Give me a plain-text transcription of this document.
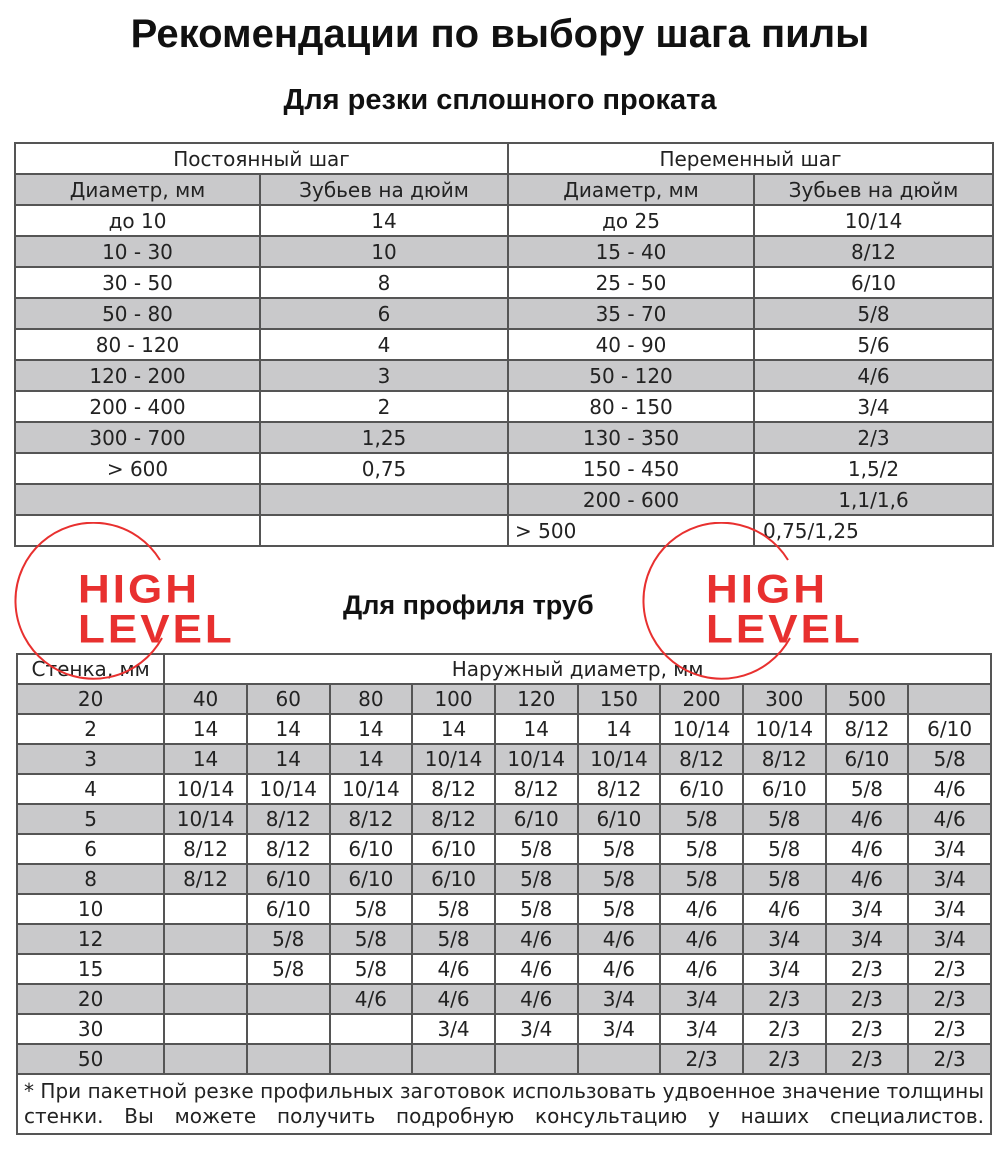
Рекомендации по выбору шага пилы
Для резки сплошного проката
Постоянный шаг		Переменный шаг	
Диаметр, мм	Зубьев на дюйм	Диаметр, мм	Зубьев на дюйм
до 10	14	до 25	10/14
10 - 30	10	15 - 40	8/12
30 - 50	8	25 - 50	6/10
50 - 80	6	35 - 70	5/8
80 - 120	4	40 - 90	5/6
120 - 200	3	50 - 120	4/6
200 - 400	2	80 - 150	3/4
300 - 700	1,25	130 - 350	2/3
> 600	0,75	150 - 450	1,5/2
		200 - 600	1,1/1,6
		> 500	0,75/1,25
Для профиля труб
Стенка, мм	Наружный диаметр, мм									
20	40	60	80	100	120	150	200	300	500	
2	14	14	14	14	14	14	10/14	10/14	8/12	6/10
3	14	14	14	10/14	10/14	10/14	8/12	8/12	6/10	5/8
4	10/14	10/14	10/14	8/12	8/12	8/12	6/10	6/10	5/8	4/6
5	10/14	8/12	8/12	8/12	6/10	6/10	5/8	5/8	4/6	4/6
6	8/12	8/12	6/10	6/10	5/8	5/8	5/8	5/8	4/6	3/4
8	8/12	6/10	6/10	6/10	5/8	5/8	5/8	5/8	4/6	3/4
10		6/10	5/8	5/8	5/8	5/8	4/6	4/6	3/4	3/4
12		5/8	5/8	5/8	4/6	4/6	4/6	3/4	3/4	3/4
15		5/8	5/8	4/6	4/6	4/6	4/6	3/4	2/3	2/3
20			4/6	4/6	4/6	3/4	3/4	2/3	2/3	2/3
30				3/4	3/4	3/4	3/4	2/3	2/3	2/3
50							2/3	2/3	2/3	2/3
* При пакетной резке профильных заготовок использовать удвоенное значение толщины стенки. Вы можете получить подробную консультацию у наших специалистов.										
HIGH
LEVEL
HIGH
LEVEL
